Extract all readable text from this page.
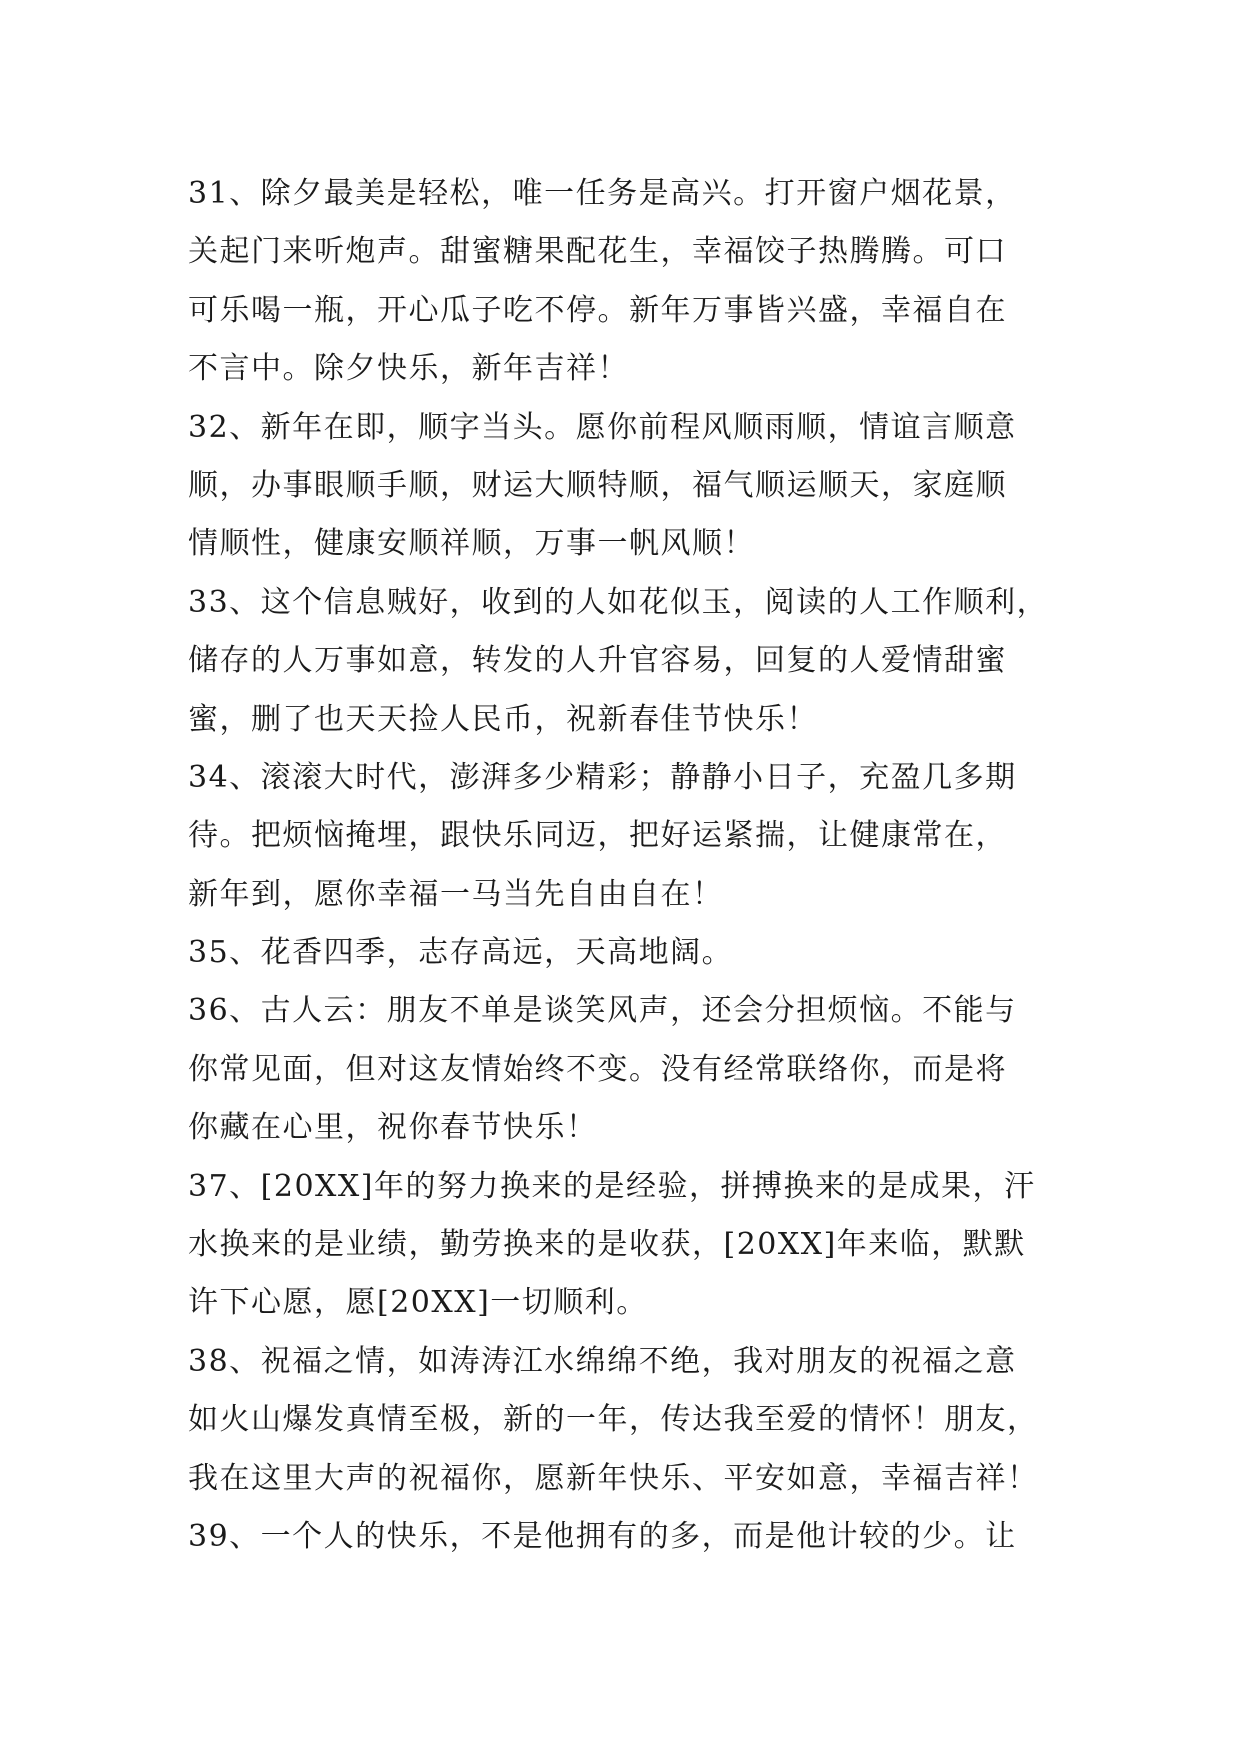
31、除夕最美是轻松，唯一任务是高兴。打开窗户烟花景，
关起门来听炮声。甜蜜糖果配花生，幸福饺子热腾腾。可口
可乐喝一瓶，开心瓜子吃不停。新年万事皆兴盛，幸福自在
不言中。除夕快乐，新年吉祥！
32、新年在即，顺字当头。愿你前程风顺雨顺，情谊言顺意
顺，办事眼顺手顺，财运大顺特顺，福气顺运顺天，家庭顺
情顺性，健康安顺祥顺，万事一帆风顺！
33、这个信息贼好，收到的人如花似玉，阅读的人工作顺利，
储存的人万事如意，转发的人升官容易，回复的人爱情甜蜜
蜜，删了也天天捡人民币，祝新春佳节快乐！
34、滚滚大时代，澎湃多少精彩；静静小日子，充盈几多期
待。把烦恼掩埋，跟快乐同迈，把好运紧揣，让健康常在，
新年到，愿你幸福一马当先自由自在！
35、花香四季，志存高远，天高地阔。
36、古人云：朋友不单是谈笑风声，还会分担烦恼。不能与
你常见面，但对这友情始终不变。没有经常联络你，而是将
你藏在心里，祝你春节快乐！
37、[20XX]年的努力换来的是经验，拼搏换来的是成果，汗
水换来的是业绩，勤劳换来的是收获，[20XX]年来临，默默
许下心愿，愿[20XX]一切顺利。
38、祝福之情，如涛涛江水绵绵不绝，我对朋友的祝福之意
如火山爆发真情至极，新的一年，传达我至爱的情怀！朋友，
我在这里大声的祝福你，愿新年快乐、平安如意，幸福吉祥！
39、一个人的快乐，不是他拥有的多，而是他计较的少。让
